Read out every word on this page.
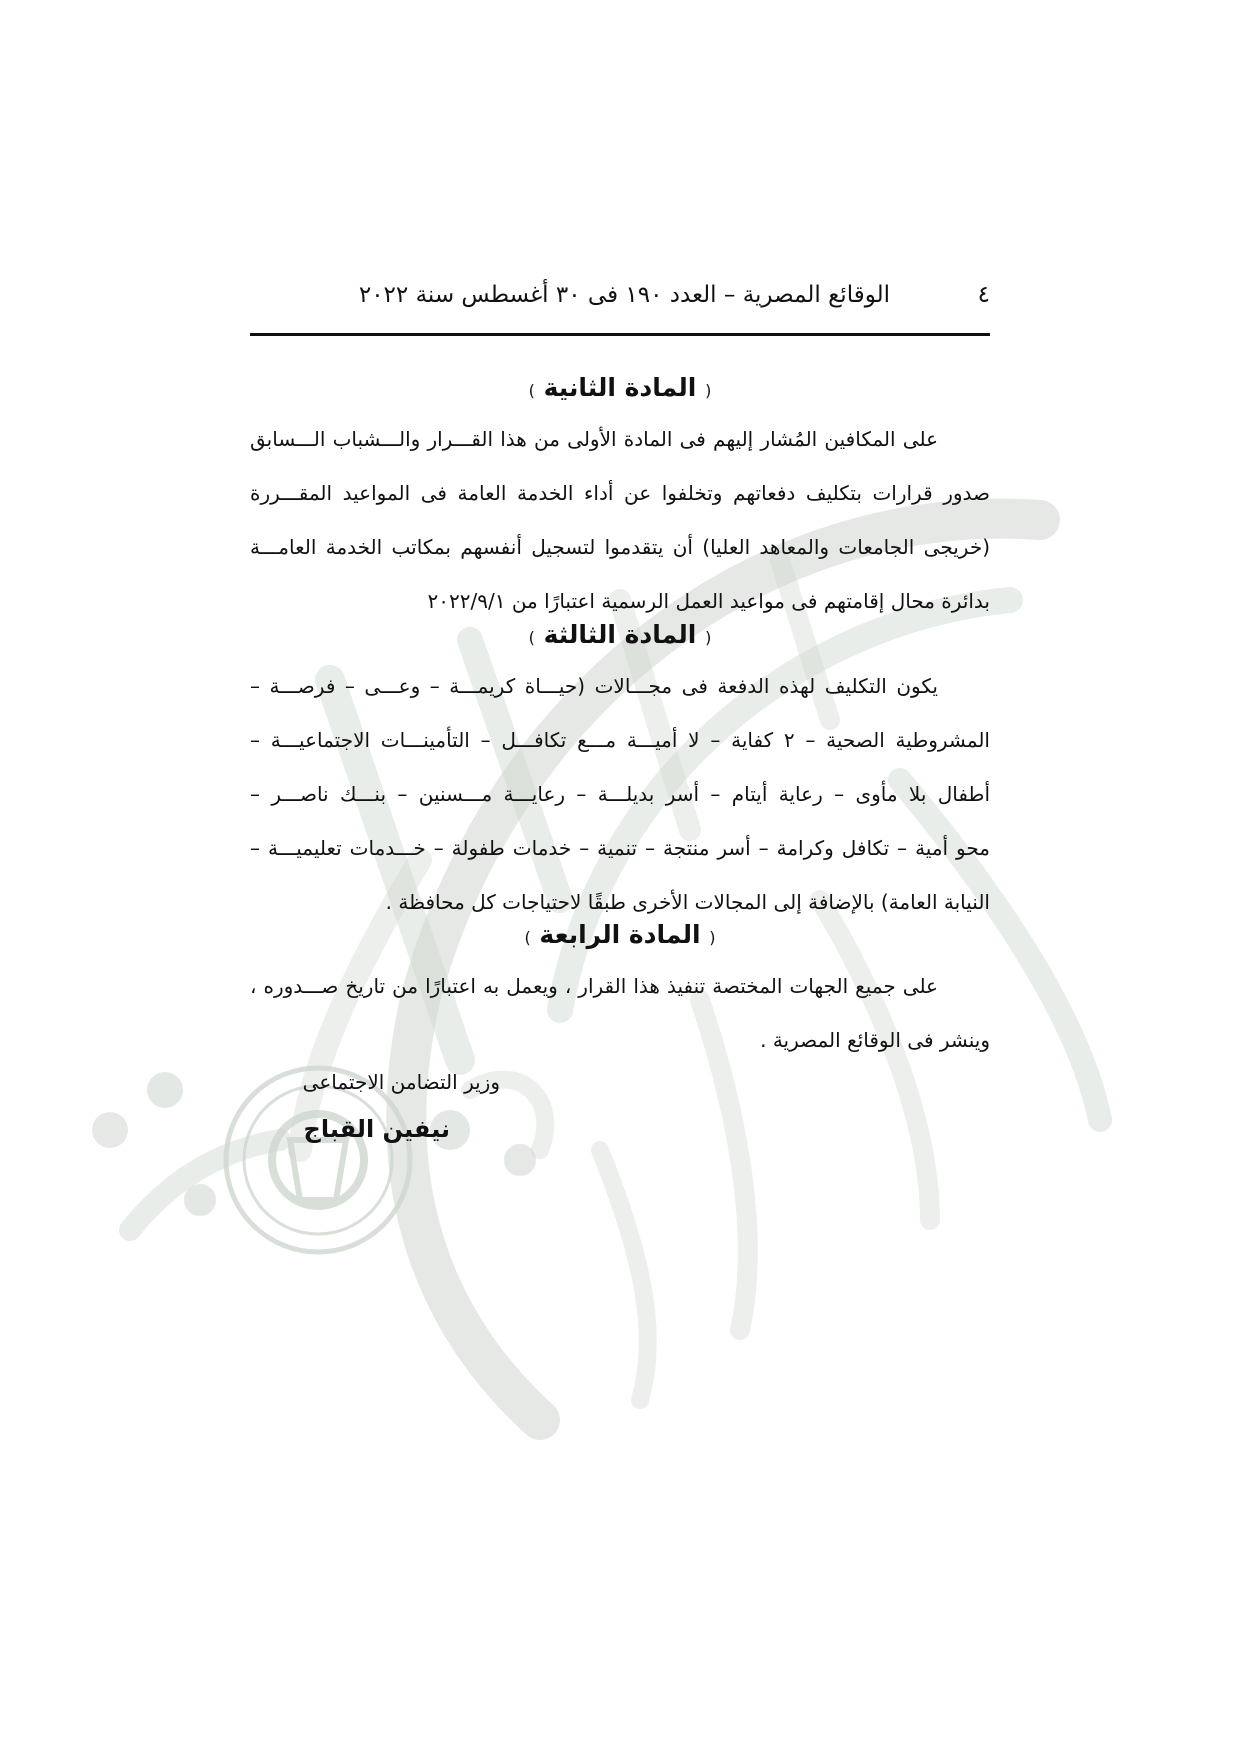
الوقائع المصرية – العدد ١٩٠ فى ٣٠ أغسطس سنة ٢٠٢٢	٤
( المادة الثانية )
على المكافين المُشار إليهم فى المادة الأولى من هذا القـــرار والـــشباب الـــسابق
صدور قرارات بتكليف دفعاتهم وتخلفوا عن أداء الخدمة العامة فى المواعيد المقـــررة
(خريجى الجامعات والمعاهد العليا) أن يتقدموا لتسجيل أنفسهم بمكاتب الخدمة العامـــة
بدائرة محال إقامتهم فى مواعيد العمل الرسمية اعتبارًا من ٢٠٢٢/٩/١
( المادة الثالثة )
يكون التكليف لهذه الدفعة فى مجـــالات (حيـــاة كريمـــة – وعـــى – فرصـــة –
المشروطية الصحية – ٢ كفاية – لا أميـــة مـــع تكافـــل – التأمينـــات الاجتماعيـــة –
أطفال بلا مأوى – رعاية أيتام – أسر بديلـــة – رعايـــة مـــسنين – بنـــك ناصـــر –
محو أمية – تكافل وكرامة – أسر منتجة – تنمية – خدمات طفولة – خـــدمات تعليميـــة –
النيابة العامة) بالإضافة إلى المجالات الأخرى طبقًا لاحتياجات كل محافظة .
( المادة الرابعة )
على جميع الجهات المختصة تنفيذ هذا القرار ، ويعمل به اعتبارًا من تاريخ صـــدوره ،
وينشر فى الوقائع المصرية .
وزير التضامن الاجتماعى
نيفين القباج
